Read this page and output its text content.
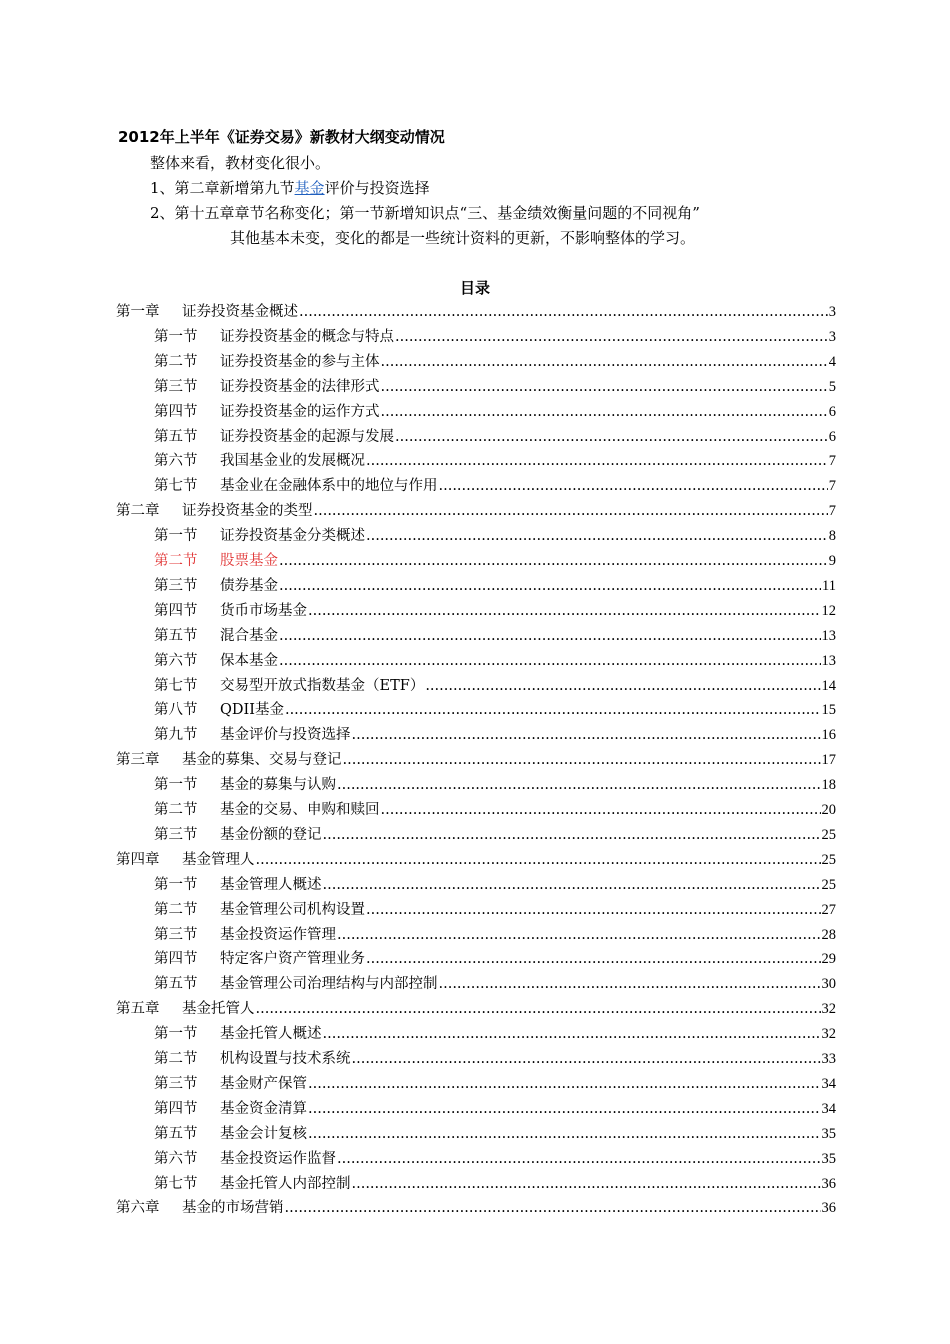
2012年上半年《证券交易》新教材大纲变动情况
整体来看，教材变化很小。
1、第二章新增第九节基金评价与投资选择
2、第十五章章节名称变化；第一节新增知识点“三、基金绩效衡量问题的不同视角”
其他基本未变，变化的都是一些统计资料的更新，不影响整体的学习。
目录
第一章	证券投资基金概述 .....	3
第一节	证券投资基金的概念与特点 .....	3
第二节	证券投资基金的参与主体 .....	4
第三节	证券投资基金的法律形式 .....	5
第四节	证券投资基金的运作方式 .....	6
第五节	证券投资基金的起源与发展 .....	6
第六节	我国基金业的发展概况 .....	7
第七节	基金业在金融体系中的地位与作用 .....	7
第二章	证券投资基金的类型 .....	7
第一节	证券投资基金分类概述 .....	8
第二节	股票基金 .....	9
第三节	债券基金 .....	11
第四节	货币市场基金 .....	12
第五节	混合基金 .....	13
第六节	保本基金 .....	13
第七节	交易型开放式指数基金（ETF） .....	14
第八节	QDII基金 .....	15
第九节	基金评价与投资选择 .....	16
第三章	基金的募集、交易与登记 .....	17
第一节	基金的募集与认购 .....	18
第二节	基金的交易、申购和赎回 .....	20
第三节	基金份额的登记 .....	25
第四章	基金管理人 .....	25
第一节	基金管理人概述 .....	25
第二节	基金管理公司机构设置 .....	27
第三节	基金投资运作管理 .....	28
第四节	特定客户资产管理业务 .....	29
第五节	基金管理公司治理结构与内部控制 .....	30
第五章	基金托管人 .....	32
第一节	基金托管人概述 .....	32
第二节	机构设置与技术系统 .....	33
第三节	基金财产保管 .....	34
第四节	基金资金清算 .....	34
第五节	基金会计复核 .....	35
第六节	基金投资运作监督 .....	35
第七节	基金托管人内部控制 .....	36
第六章	基金的市场营销 .....	36
